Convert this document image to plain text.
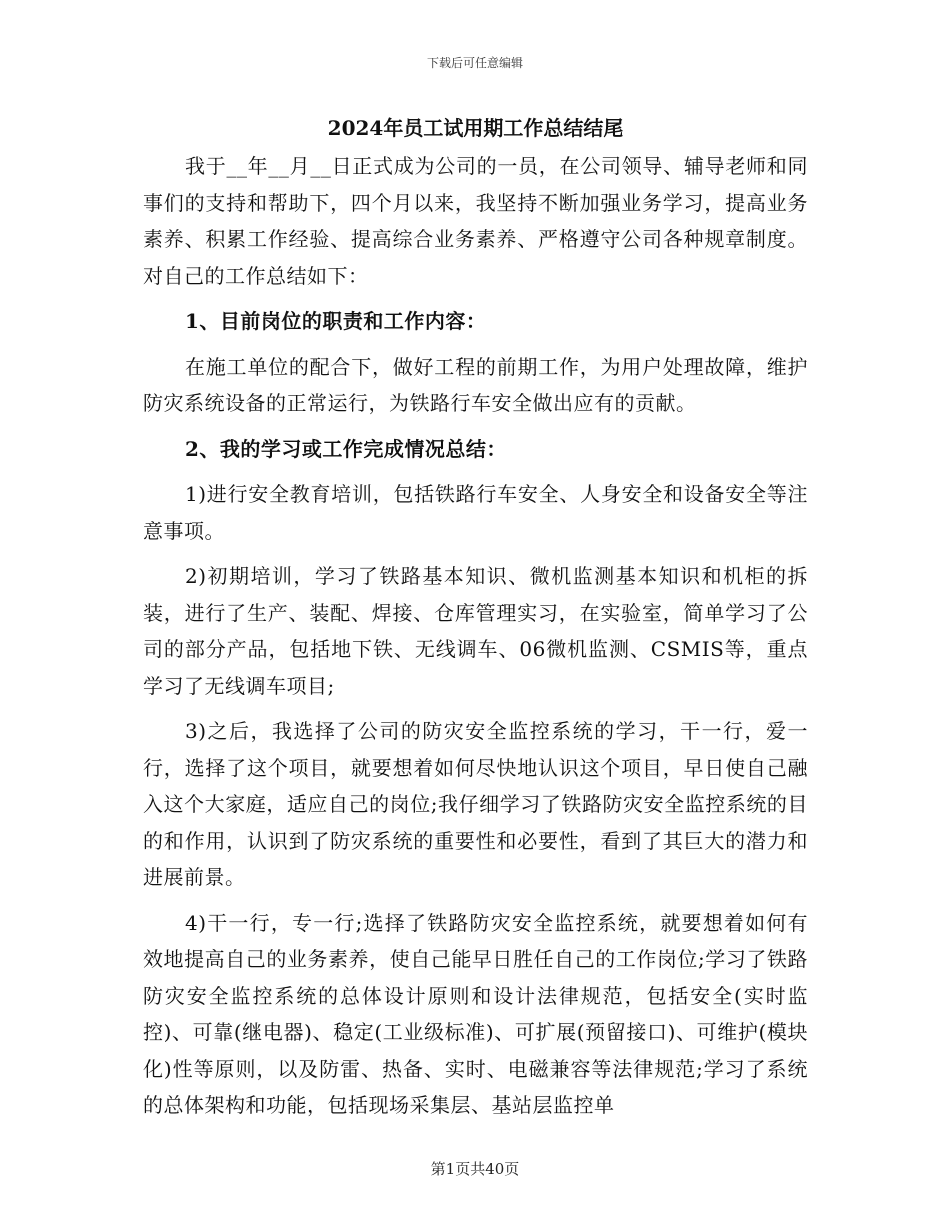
下载后可任意编辑
2024年员工试用期工作总结结尾

我于__年__月__日正式成为公司的一员，在公司领导、辅导老师和同事们的支持和帮助下，四个月以来，我坚持不断加强业务学习，提高业务素养、积累工作经验、提高综合业务素养、严格遵守公司各种规章制度。对自己的工作总结如下：

1、目前岗位的职责和工作内容：

在施工单位的配合下，做好工程的前期工作，为用户处理故障，维护防灾系统设备的正常运行，为铁路行车安全做出应有的贡献。

2、我的学习或工作完成情况总结：

1)进行安全教育培训，包括铁路行车安全、人身安全和设备安全等注意事项。

2)初期培训，学习了铁路基本知识、微机监测基本知识和机柜的拆装，进行了生产、装配、焊接、仓库管理实习，在实验室，简单学习了公司的部分产品，包括地下铁、无线调车、06微机监测、CSMIS等，重点学习了无线调车项目;

3)之后，我选择了公司的防灾安全监控系统的学习，干一行，爱一行，选择了这个项目，就要想着如何尽快地认识这个项目，早日使自己融入这个大家庭，适应自己的岗位;我仔细学习了铁路防灾安全监控系统的目的和作用，认识到了防灾系统的重要性和必要性，看到了其巨大的潜力和进展前景。

4)干一行，专一行;选择了铁路防灾安全监控系统，就要想着如何有效地提高自己的业务素养，使自己能早日胜任自己的工作岗位;学习了铁路防灾安全监控系统的总体设计原则和设计法律规范，包括安全(实时监控)、可靠(继电器)、稳定(工业级标准)、可扩展(预留接口)、可维护(模块化)性等原则，以及防雷、热备、实时、电磁兼容等法律规范;学习了系统的总体架构和功能，包括现场采集层、基站层监控单

第1页共40页
